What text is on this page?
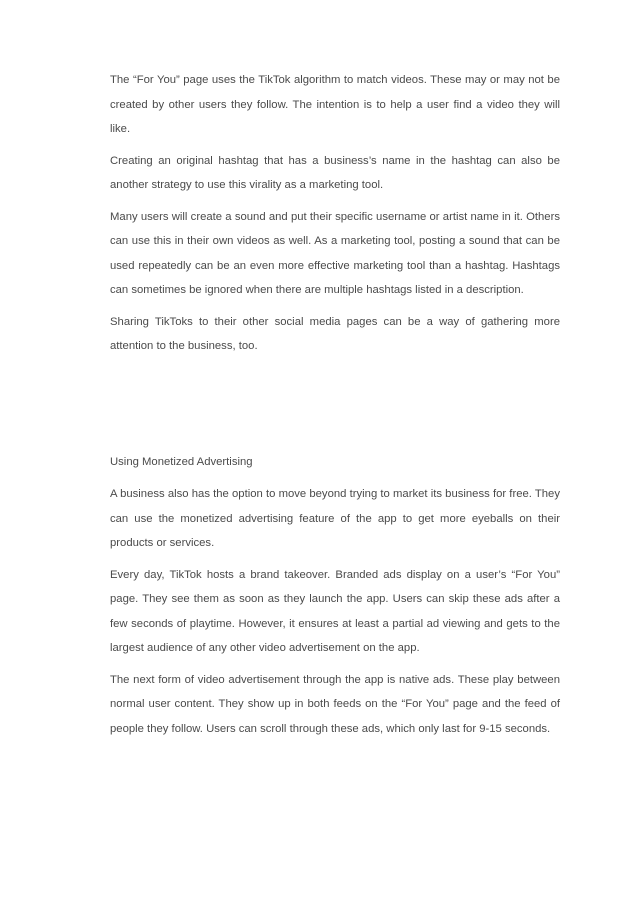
The “For You” page uses the TikTok algorithm to match videos. These may or may not be created by other users they follow. The intention is to help a user find a video they will like.

Creating an original hashtag that has a business’s name in the hashtag can also be another strategy to use this virality as a marketing tool.

Many users will create a sound and put their specific username or artist name in it. Others can use this in their own videos as well. As a marketing tool, posting a sound that can be used repeatedly can be an even more effective marketing tool than a hashtag. Hashtags can sometimes be ignored when there are multiple hashtags listed in a description.

Sharing TikToks to their other social media pages can be a way of gathering more attention to the business, too.

Using Monetized Advertising

A business also has the option to move beyond trying to market its business for free. They can use the monetized advertising feature of the app to get more eyeballs on their products or services.

Every day, TikTok hosts a brand takeover. Branded ads display on a user’s “For You” page. They see them as soon as they launch the app. Users can skip these ads after a few seconds of playtime. However, it ensures at least a partial ad viewing and gets to the largest audience of any other video advertisement on the app.

The next form of video advertisement through the app is native ads. These play between normal user content. They show up in both feeds on the “For You” page and the feed of people they follow. Users can scroll through these ads, which only last for 9-15 seconds.
